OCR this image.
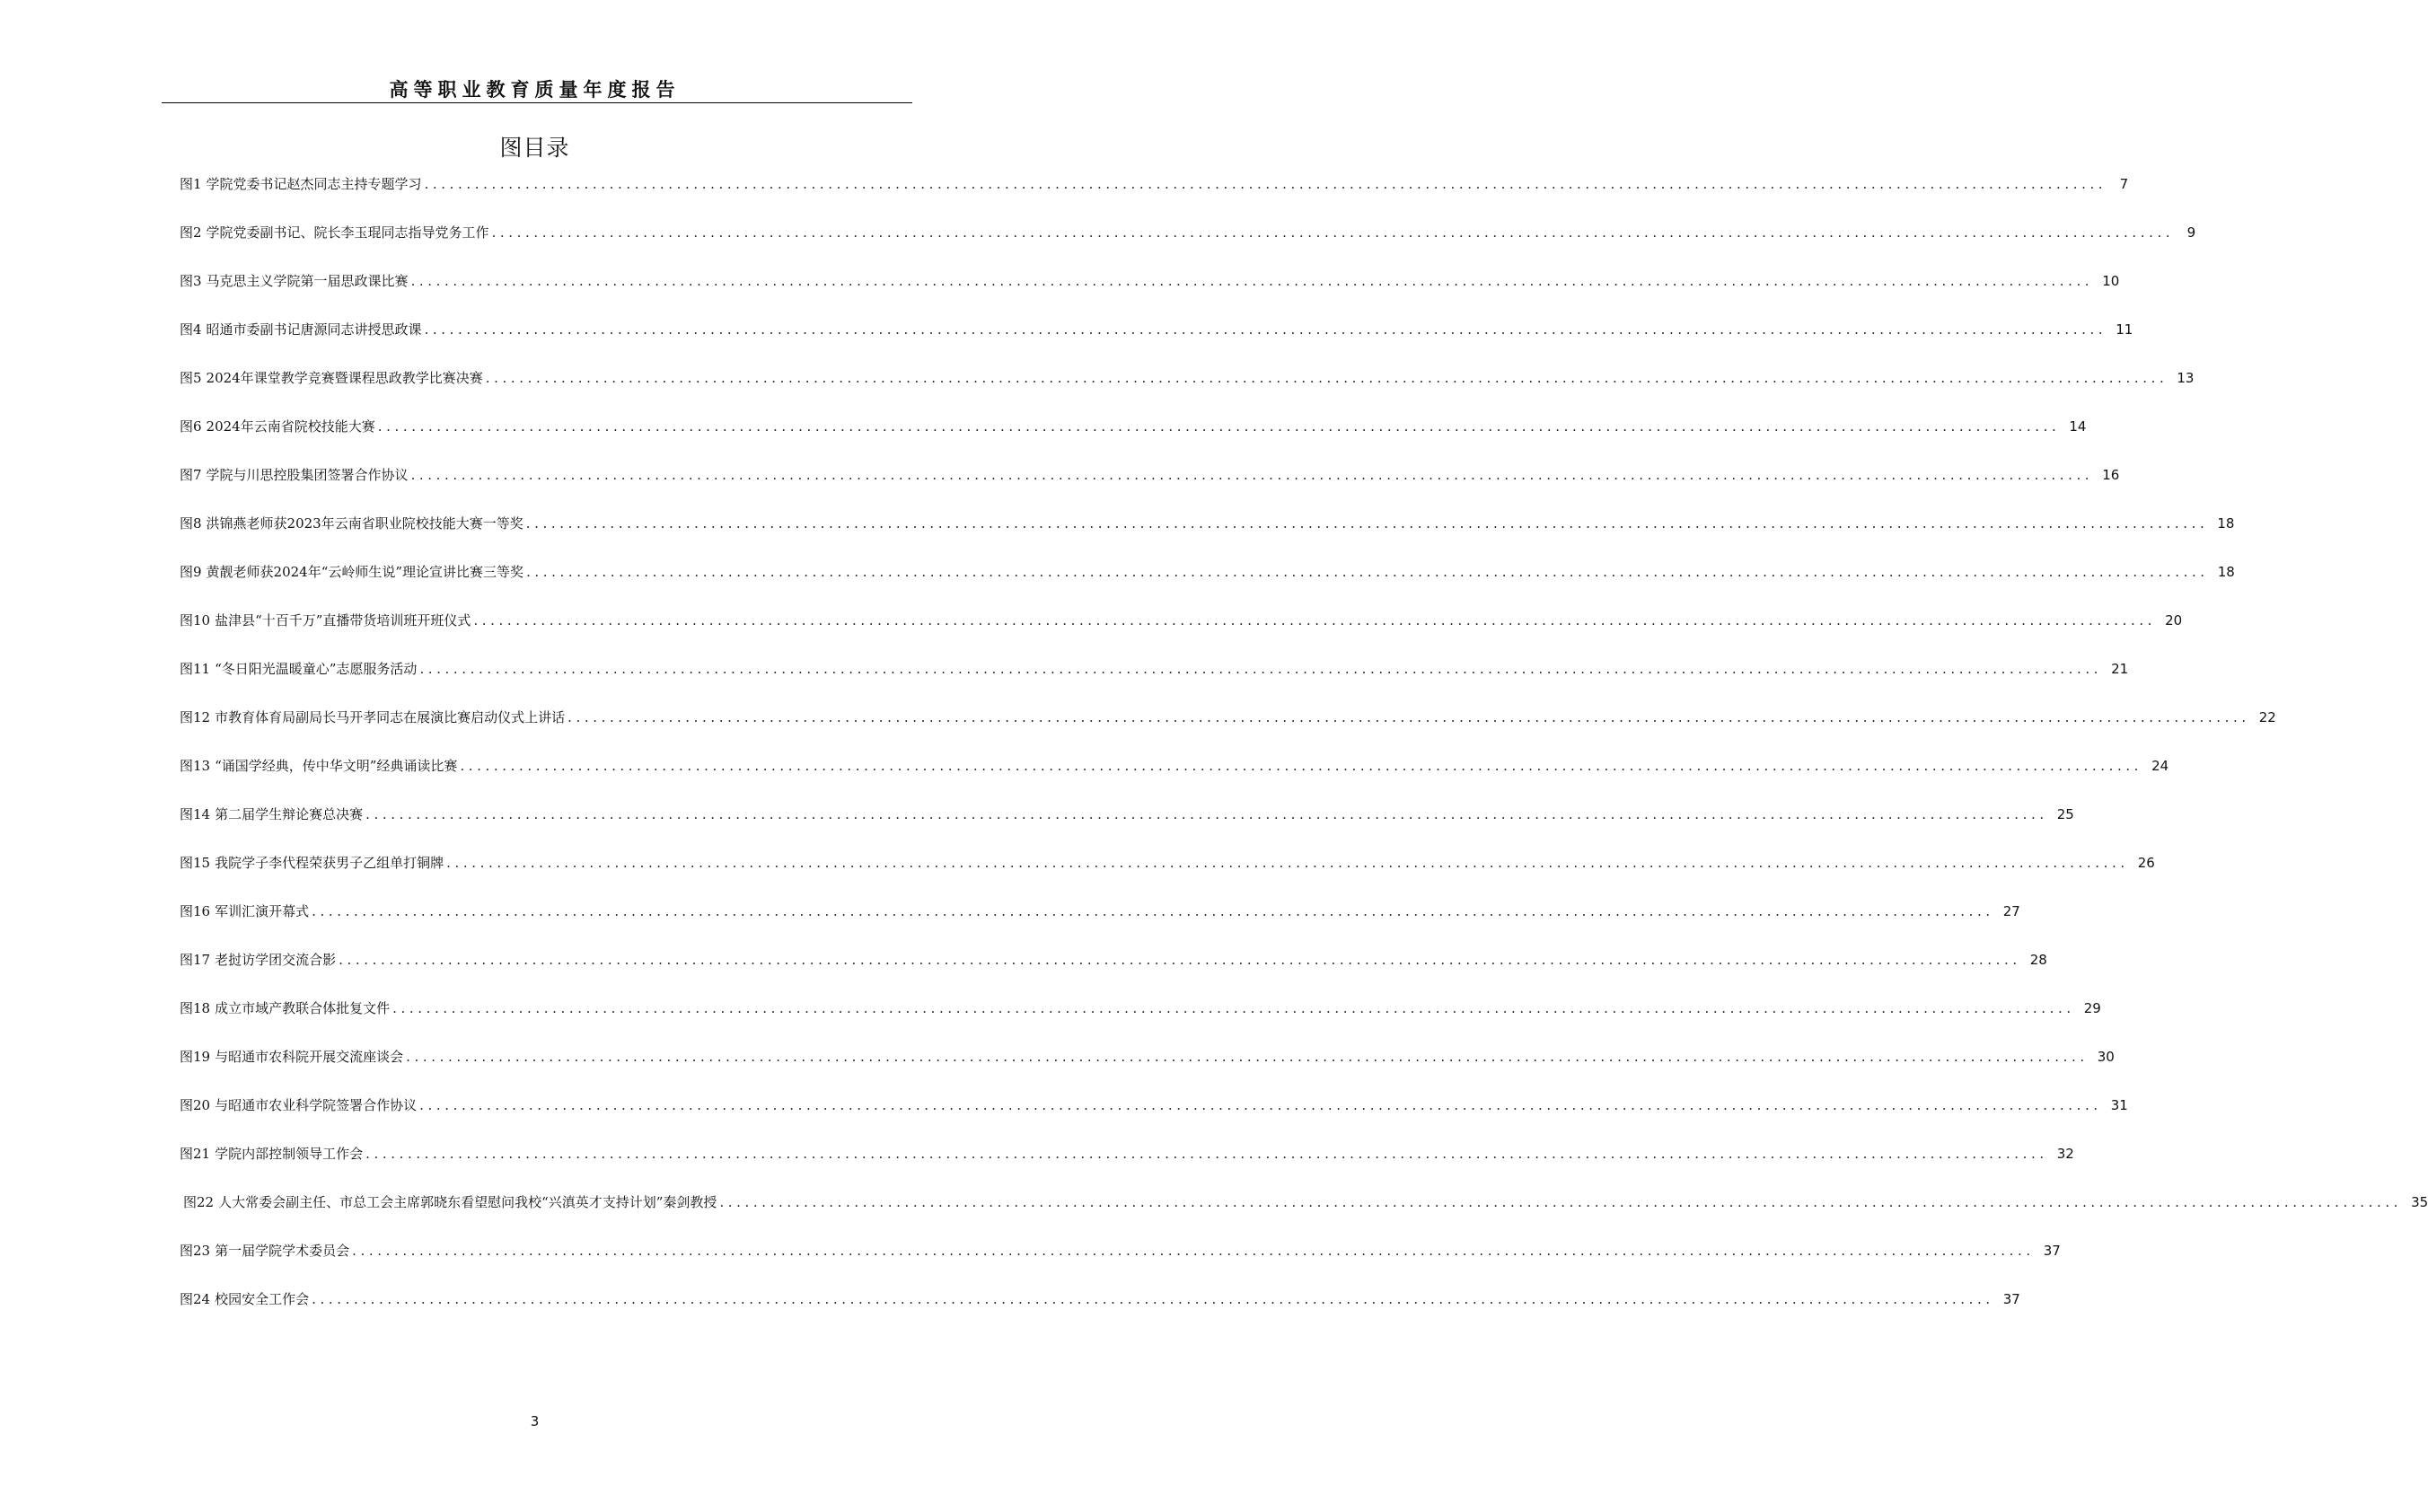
高等职业教育质量年度报告
图目录
图1 学院党委书记赵杰同志主持专题学习 ........................................................................................................................................................................................................ 7
图2 学院党委副书记、院长李玉琨同志指导党务工作 ........................................................................................................................................................................................................ 9
图3 马克思主义学院第一届思政课比赛 ........................................................................................................................................................................................................ 10
图4 昭通市委副书记唐源同志讲授思政课 ........................................................................................................................................................................................................ 11
图5 2024年课堂教学竞赛暨课程思政教学比赛决赛 ........................................................................................................................................................................................................ 13
图6 2024年云南省院校技能大赛 ........................................................................................................................................................................................................ 14
图7 学院与川思控股集团签署合作协议 ........................................................................................................................................................................................................ 16
图8 洪锦燕老师获2023年云南省职业院校技能大赛一等奖 ........................................................................................................................................................................................................ 18
图9 黄靓老师获2024年“云岭师生说”理论宣讲比赛三等奖 ........................................................................................................................................................................................................ 18
图10 盐津县“十百千万”直播带货培训班开班仪式 ........................................................................................................................................................................................................ 20
图11 “冬日阳光温暖童心”志愿服务活动 ........................................................................................................................................................................................................ 21
图12 市教育体育局副局长马开孝同志在展演比赛启动仪式上讲话 ........................................................................................................................................................................................................ 22
图13 “诵国学经典，传中华文明”经典诵读比赛 ........................................................................................................................................................................................................ 24
图14 第二届学生辩论赛总决赛 ........................................................................................................................................................................................................ 25
图15 我院学子李代程荣获男子乙组单打铜牌 ........................................................................................................................................................................................................ 26
图16 军训汇演开幕式 ........................................................................................................................................................................................................ 27
图17 老挝访学团交流合影 ........................................................................................................................................................................................................ 28
图18 成立市域产教联合体批复文件 ........................................................................................................................................................................................................ 29
图19 与昭通市农科院开展交流座谈会 ........................................................................................................................................................................................................ 30
图20 与昭通市农业科学院签署合作协议 ........................................................................................................................................................................................................ 31
图21 学院内部控制领导工作会 ........................................................................................................................................................................................................ 32
图22 人大常委会副主任、市总工会主席郭晓东看望慰问我校“兴滇英才支持计划”秦剑教授 ........................................................................................................................................................................................................ 35
图23 第一届学院学术委员会 ........................................................................................................................................................................................................ 37
图24 校园安全工作会 ........................................................................................................................................................................................................ 37
3
